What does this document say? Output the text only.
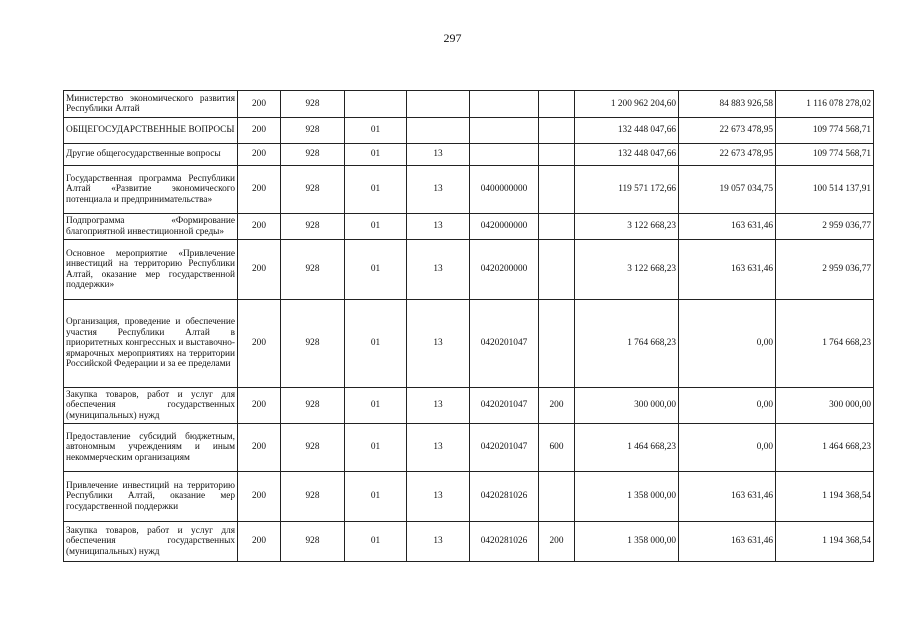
297
Министерство экономического развития Республики Алтай	200	928					1 200 962 204,60	84 883 926,58	1 116 078 278,02
ОБЩЕГОСУДАРСТВЕННЫЕ ВОПРОСЫ	200	928	01				132 448 047,66	22 673 478,95	109 774 568,71
Другие общегосударственные вопросы	200	928	01	13			132 448 047,66	22 673 478,95	109 774 568,71
Государственная программа Республики Алтай «Развитие экономического потенциала и предпринимательства»	200	928	01	13	0400000000		119 571 172,66	19 057 034,75	100 514 137,91
Подпрограмма «Формирование благоприятной инвестиционной среды»	200	928	01	13	0420000000		3 122 668,23	163 631,46	2 959 036,77
Основное мероприятие «Привлечение инвестиций на территорию Республики Алтай, оказание мер государственной поддержки»	200	928	01	13	0420200000		3 122 668,23	163 631,46	2 959 036,77
Организация, проведение и обеспечение участия Республики Алтай в приоритетных конгрессных и выставочно-ярмарочных мероприятиях на территории Российской Федерации и за ее пределами	200	928	01	13	0420201047		1 764 668,23	0,00	1 764 668,23
Закупка товаров, работ и услуг для обеспечения государственных (муниципальных) нужд	200	928	01	13	0420201047	200	300 000,00	0,00	300 000,00
Предоставление субсидий бюджетным, автономным учреждениям и иным некоммерческим организациям	200	928	01	13	0420201047	600	1 464 668,23	0,00	1 464 668,23
Привлечение инвестиций на территорию Республики Алтай, оказание мер государственной поддержки	200	928	01	13	0420281026		1 358 000,00	163 631,46	1 194 368,54
Закупка товаров, работ и услуг для обеспечения государственных (муниципальных) нужд	200	928	01	13	0420281026	200	1 358 000,00	163 631,46	1 194 368,54
